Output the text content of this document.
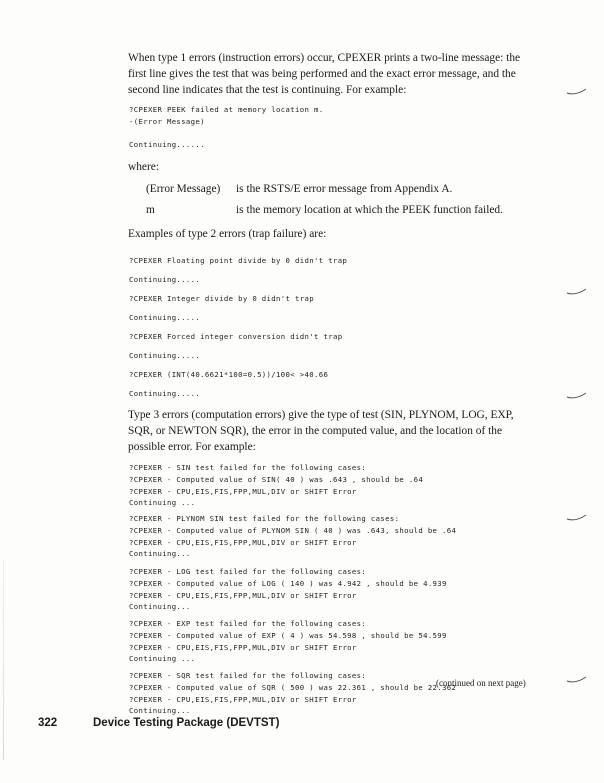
When type 1 errors (instruction errors) occur, CPEXER prints a two-line message: the first line gives the test that was being performed and the exact error message, and the second line indicates that the test is continuing. For example:

?CPEXER PEEK failed at memory location m.
-(Error Message)

Continuing......

where:

(Error Message) is the RSTS/E error message from Appendix A.
m	is the memory location at which the PEEK function failed.

Examples of type 2 errors (trap failure) are:

?CPEXER Floating point divide by 0 didn't trap
Continuing.....
?CPEXER Integer divide by 0 didn't trap
Continuing.....
?CPEXER Forced integer conversion didn't trap
Continuing.....
?CPEXER (INT(40.6621*100=0.5))/100< >40.66
Continuing.....

Type 3 errors (computation errors) give the type of test (SIN, PLYNOM, LOG, EXP, SQR, or NEWTON SQR), the error in the computed value, and the location of the possible error. For example:

?CPEXER - SIN test failed for the following cases:
?CPEXER - Computed value of SIN( 40 ) was .643 , should be .64
?CPEXER - CPU,EIS,FIS,FPP,MUL,DIV or SHIFT Error
Continuing ...
?CPEXER - PLYNOM SIN test failed for the following cases:
?CPEXER - Computed value of PLYNOM SIN ( 40 ) was .643, should be .64
?CPEXER - CPU,EIS,FIS,FPP,MUL,DIV or SHIFT Error
Continuing...
?CPEXER - LOG test failed for the following cases:
?CPEXER - Computed value of LOG ( 140 ) was 4.942 , should be 4.939
?CPEXER - CPU,EIS,FIS,FPP,MUL,DIV or SHIFT Error
Continuing...
?CPEXER - EXP test failed for the following cases:
?CPEXER - Computed value of EXP ( 4 ) was 54.598 , should be 54.599
?CPEXER - CPU,EIS,FIS,FPP,MUL,DIV or SHIFT Error
Continuing ...
?CPEXER - SQR test failed for the following cases:
?CPEXER - Computed value of SQR ( 500 ) was 22.361 , should be 22.362
?CPEXER - CPU,EIS,FIS,FPP,MUL,DIV or SHIFT Error
Continuing...
(continued on next page)
322	Device Testing Package (DEVTST)
